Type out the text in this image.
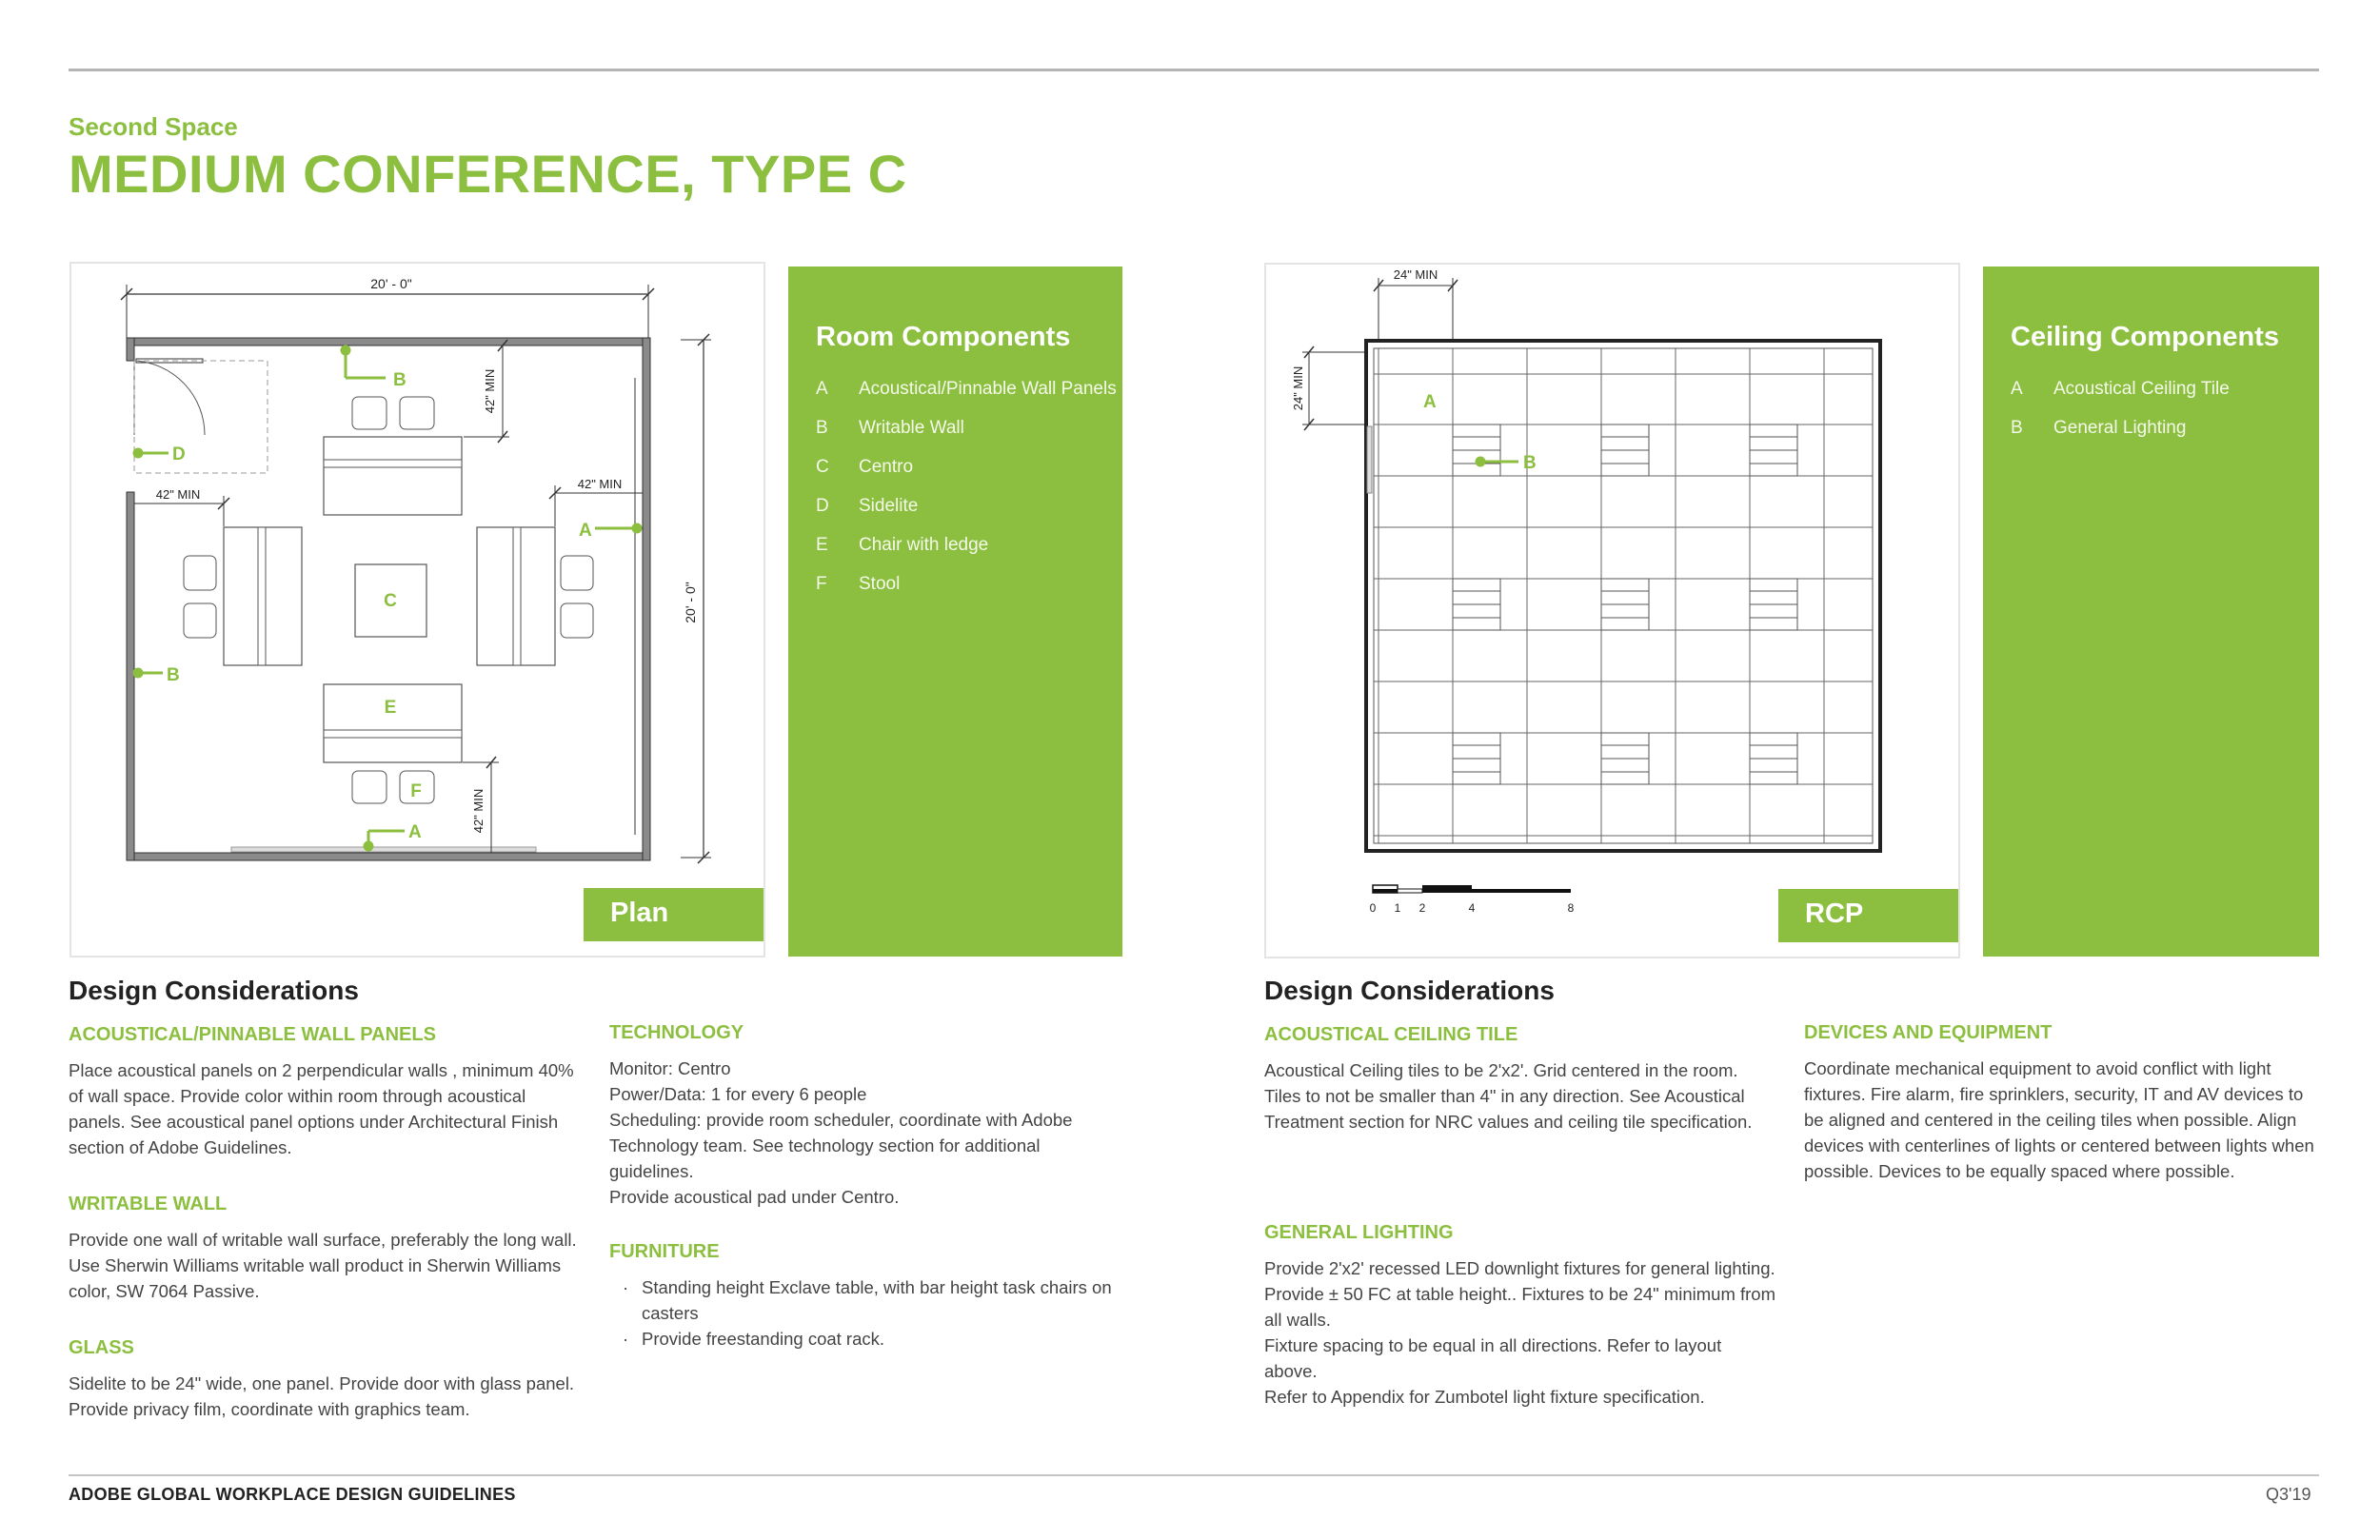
Second Space
MEDIUM CONFERENCE, TYPE C
20' - 0"
20' - 0"
C
E
F
42" MIN
42" MIN
42" MIN
42" MIN
B
D
A
B
A
Plan
Room Components
A Acoustical/Pinnable Wall Panels
B Writable Wall
C Centro
D Sidelite
E Chair with ledge
F Stool
24" MIN
24" MIN	A
B
0 1 2	4	8	RCP
Ceiling Components
A Acoustical Ceiling Tile
B General Lighting
Design Considerations
ACOUSTICAL/PINNABLE WALL PANELS

Place acoustical panels on 2 perpendicular walls , minimum 40%
of wall space. Provide color within room through acoustical
panels. See acoustical panel options under Architectural Finish
section of Adobe Guidelines.

WRITABLE WALL

Provide one wall of writable wall surface, preferably the long wall.
Use Sherwin Williams writable wall product in Sherwin Williams
color, SW 7064 Passive.

GLASS

Sidelite to be 24" wide, one panel. Provide door with glass panel.
Provide privacy film, coordinate with graphics team.

TECHNOLOGY

Monitor: Centro
Power/Data: 1 for every 6 people
Scheduling: provide room scheduler, coordinate with Adobe
Technology team. See technology section for additional
guidelines.
Provide acoustical pad under Centro.

FURNITURE
· Standing height Exclave table, with bar height task chairs on casters
· Provide freestanding coat rack.
Design Considerations
ACOUSTICAL CEILING TILE

Acoustical Ceiling tiles to be 2'x2'. Grid centered in the room.
Tiles to not be smaller than 4" in any direction. See Acoustical
Treatment section for NRC values and ceiling tile specification.

GENERAL LIGHTING

Provide 2'x2' recessed LED downlight fixtures for general lighting.
Provide ± 50 FC at table height.. Fixtures to be 24" minimum from
all walls.
Fixture spacing to be equal in all directions. Refer to layout above.
Refer to Appendix for Zumbotel light fixture specification.

DEVICES AND EQUIPMENT

Coordinate mechanical equipment to avoid conflict with light
fixtures. Fire alarm, fire sprinklers, security, IT and AV devices to
be aligned and centered in the ceiling tiles when possible. Align
devices with centerlines of lights or centered between lights when
possible. Devices to be equally spaced where possible.

ADOBE GLOBAL WORKPLACE DESIGN GUIDELINES	Q3'19
